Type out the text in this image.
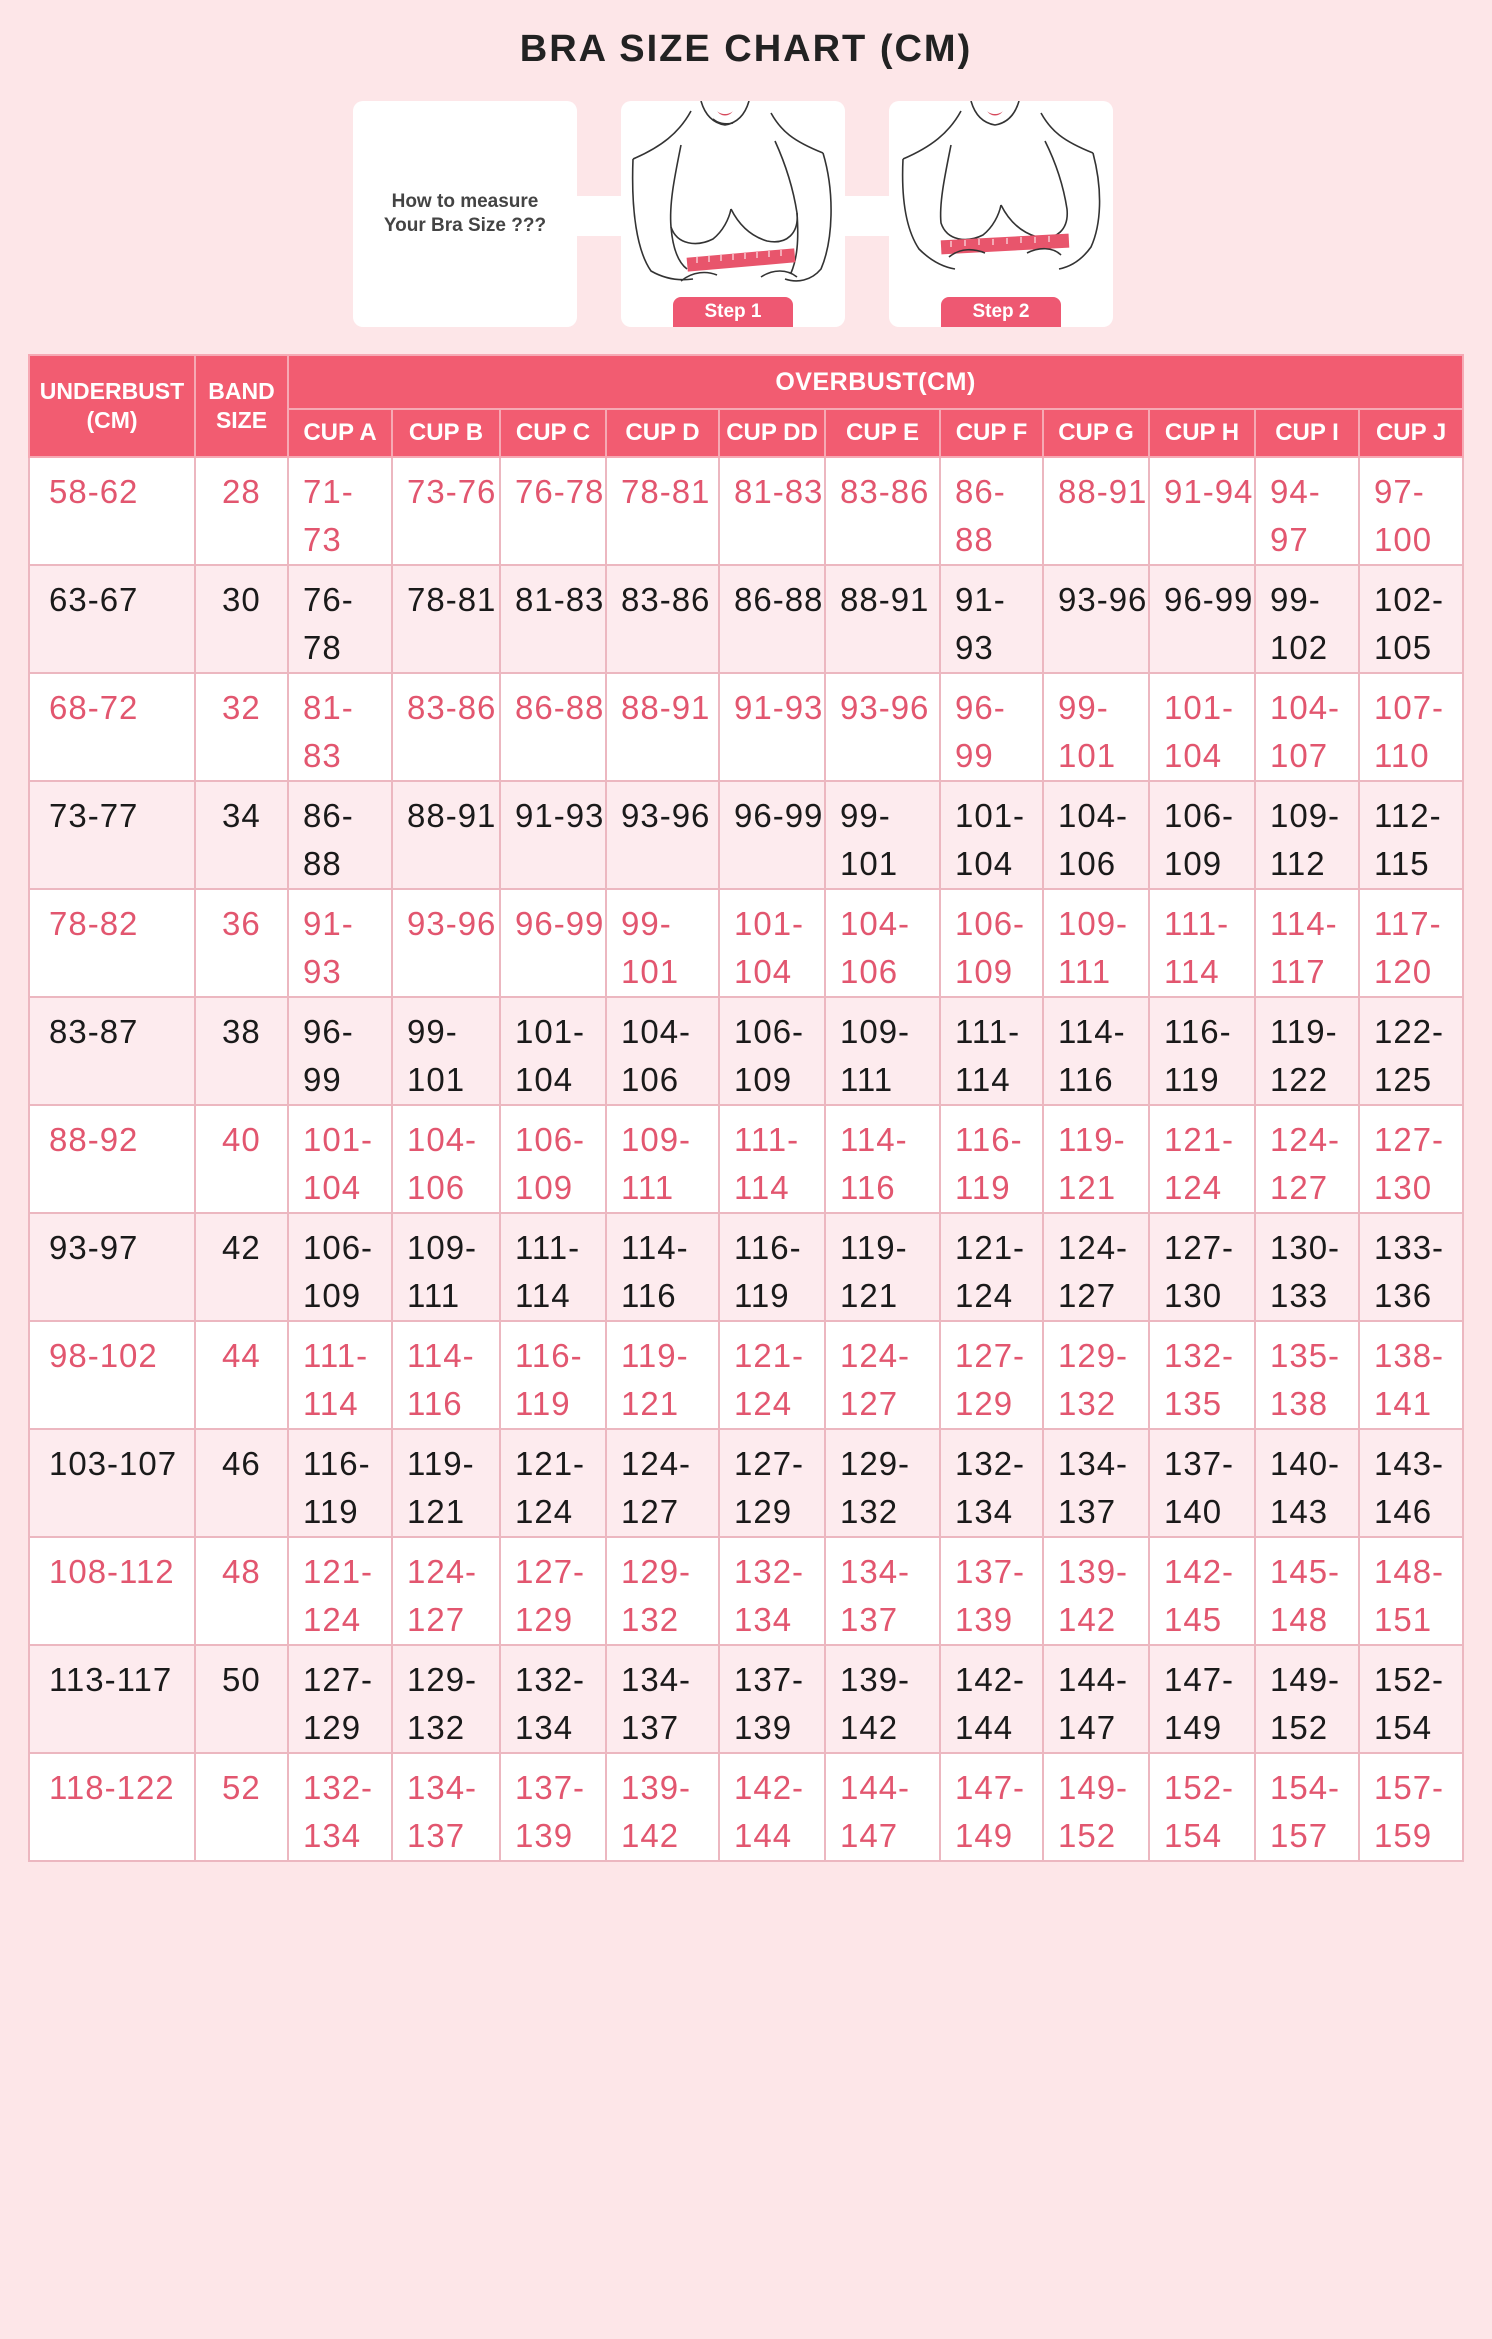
BRA SIZE CHART (CM)
How to measure Your Bra Size ???
Step 1	Step 2
UNDERBUST (CM)	BAND SIZE	OVERBUST(CM)										
		CUP A	CUP B	CUP C	CUP D	CUP DD	CUP E	CUP F	CUP G	CUP H	CUP I	CUP J
58-62	28	71-73	73-76	76-78	78-81	81-83	83-86	86-88	88-91	91-94	94-97	97-100
63-67	30	76-78	78-81	81-83	83-86	86-88	88-91	91-93	93-96	96-99	99-102	102-105
68-72	32	81-83	83-86	86-88	88-91	91-93	93-96	96-99	99-101	101-104	104-107	107-110
73-77	34	86-88	88-91	91-93	93-96	96-99	99-101	101-104	104-106	106-109	109-112	112-115
78-82	36	91-93	93-96	96-99	99-101	101-104	104-106	106-109	109-111	111-114	114-117	117-120
83-87	38	96-99	99-101	101-104	104-106	106-109	109-111	111-114	114-116	116-119	119-122	122-125
88-92	40	101-104	104-106	106-109	109-111	111-114	114-116	116-119	119-121	121-124	124-127	127-130
93-97	42	106-109	109-111	111-114	114-116	116-119	119-121	121-124	124-127	127-130	130-133	133-136
98-102	44	111-114	114-116	116-119	119-121	121-124	124-127	127-129	129-132	132-135	135-138	138-141
103-107	46	116-119	119-121	121-124	124-127	127-129	129-132	132-134	134-137	137-140	140-143	143-146
108-112	48	121-124	124-127	127-129	129-132	132-134	134-137	137-139	139-142	142-145	145-148	148-151
113-117	50	127-129	129-132	132-134	134-137	137-139	139-142	142-144	144-147	147-149	149-152	152-154
118-122	52	132-134	134-137	137-139	139-142	142-144	144-147	147-149	149-152	152-154	154-157	157-159
